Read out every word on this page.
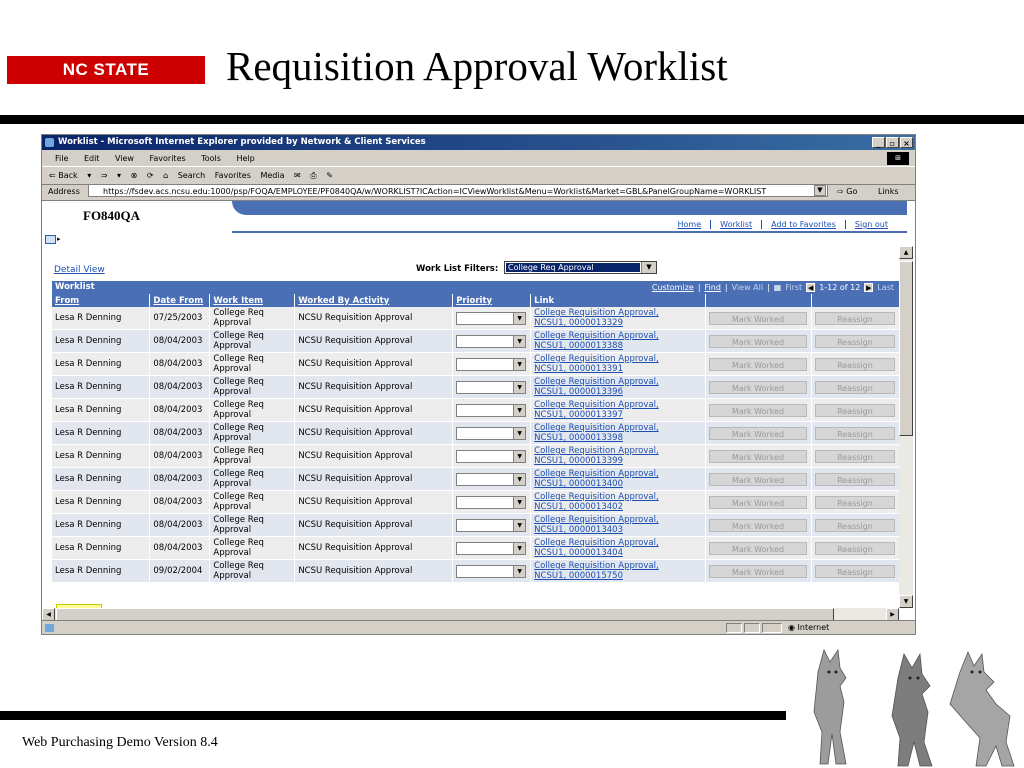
NC STATE UNIVERSITY
Requisition Approval Worklist
Worklist - Microsoft Internet Explorer provided by Network & Client Services	_	▫ ×
File Edit View Favorites Tools Help	⊞
⇐ Back ▾ ⇒ ▾ ⊗ ⟳ ⌂ Search Favorites Media ✉ ⎙ ✎
Address	https://fsdev.acs.ncsu.edu:1000/psp/FOQA/EMPLOYEE/PF0840QA/w/WORKLIST?ICAction=ICViewWorklist&Menu=Worklist&Market=GBL&PanelGroupName=WORKLIST	▼	⇨ Go	Links
FO840QA
Home	Worklist	Add to Favorites	Sign out
▸
Detail View	Work List Filters: College Req Approval	▼
Worklist	Customize | Find | View All | ▦ First ◀ 1-12 of 12 ▶ Last
From	Date From	Work Item	Worked By Activity	Priority	Link		
Lesa R Denning	07/25/2003	College Req Approval	NCSU Requisition Approval	▼	College Requisition Approval,
NCSU1, 0000013329	Mark Worked	Reassign
Lesa R Denning	08/04/2003	College Req Approval	NCSU Requisition Approval	▼	College Requisition Approval,
NCSU1, 0000013388	Mark Worked	Reassign
Lesa R Denning	08/04/2003	College Req Approval	NCSU Requisition Approval	▼	College Requisition Approval,
NCSU1, 0000013391	Mark Worked	Reassign
Lesa R Denning	08/04/2003	College Req Approval	NCSU Requisition Approval	▼	College Requisition Approval,
NCSU1, 0000013396	Mark Worked	Reassign
Lesa R Denning	08/04/2003	College Req Approval	NCSU Requisition Approval	▼	College Requisition Approval,
NCSU1, 0000013397	Mark Worked	Reassign
Lesa R Denning	08/04/2003	College Req Approval	NCSU Requisition Approval	▼	College Requisition Approval,
NCSU1, 0000013398	Mark Worked	Reassign
Lesa R Denning	08/04/2003	College Req Approval	NCSU Requisition Approval	▼	College Requisition Approval,
NCSU1, 0000013399	Mark Worked	Reassign
Lesa R Denning	08/04/2003	College Req Approval	NCSU Requisition Approval	▼	College Requisition Approval,
NCSU1, 0000013400	Mark Worked	Reassign
Lesa R Denning	08/04/2003	College Req Approval	NCSU Requisition Approval	▼	College Requisition Approval,
NCSU1, 0000013402	Mark Worked	Reassign
Lesa R Denning	08/04/2003	College Req Approval	NCSU Requisition Approval	▼	College Requisition Approval,
NCSU1, 0000013403	Mark Worked	Reassign
Lesa R Denning	08/04/2003	College Req Approval	NCSU Requisition Approval	▼	College Requisition Approval,
NCSU1, 0000013404	Mark Worked	Reassign
Lesa R Denning	09/02/2004	College Req Approval	NCSU Requisition Approval	▼	College Requisition Approval,
NCSU1, 0000015750	Mark Worked	Reassign
▲
▼
◀	▶
◉ Internet
Web Purchasing Demo Version 8.4
